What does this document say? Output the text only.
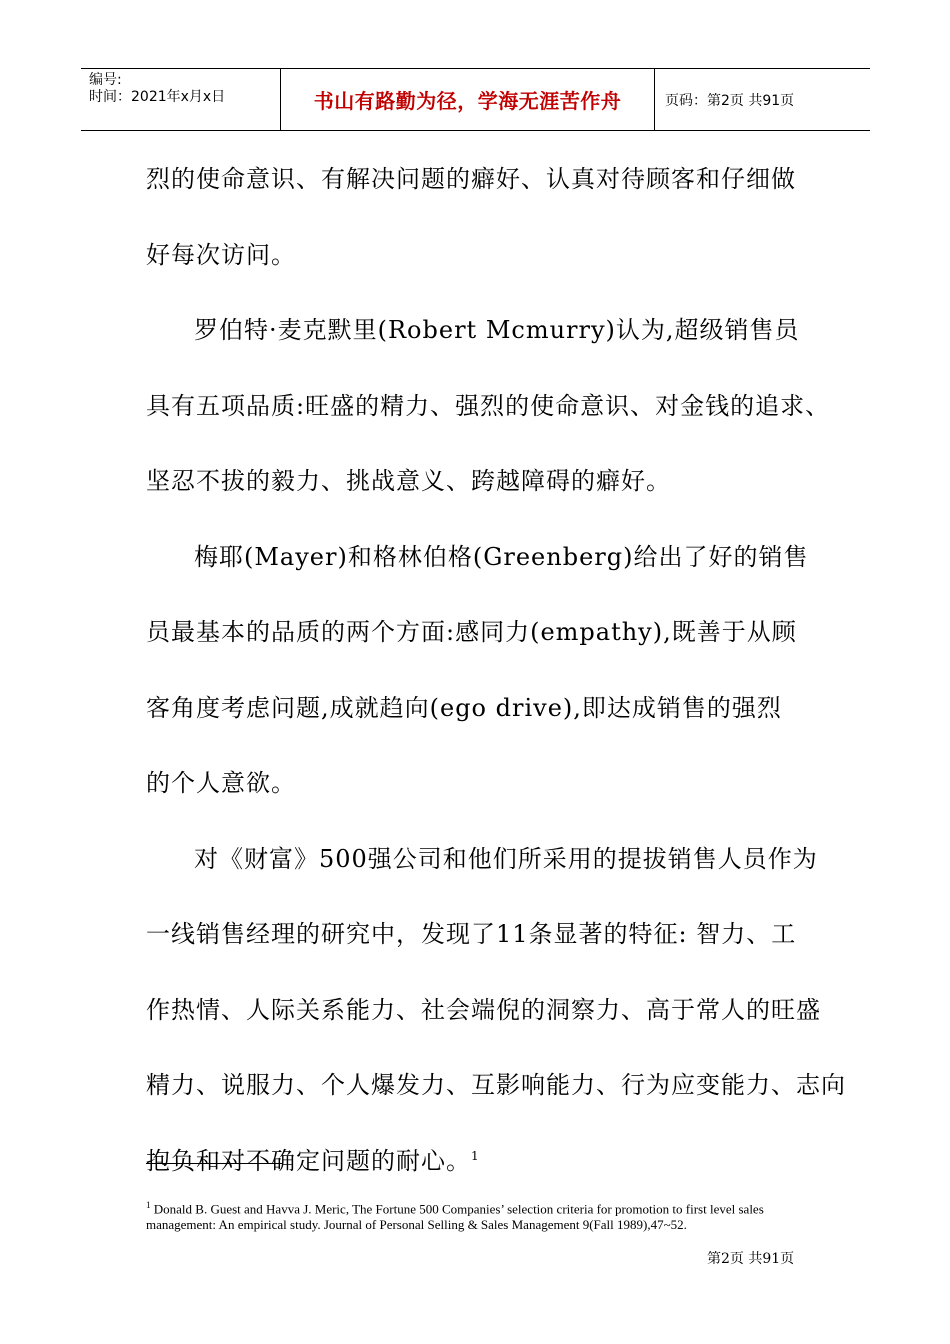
编号:
时间：2021年x月x日	书山有路勤为径，学海无涯苦作舟	页码：第2页 共91页
烈的使命意识、有解决问题的癖好、认真对待顾客和仔细做
好每次访问。
罗伯特·麦克默里(Robert Mcmurry)认为,超级销售员
具有五项品质:旺盛的精力、强烈的使命意识、对金钱的追求、
坚忍不拔的毅力、挑战意义、跨越障碍的癖好。
梅耶(Mayer)和格林伯格(Greenberg)给出了好的销售
员最基本的品质的两个方面:感同力(empathy),既善于从顾
客角度考虑问题,成就趋向(ego drive),即达成销售的强烈
的个人意欲。
对《财富》500强公司和他们所采用的提拔销售人员作为
一线销售经理的研究中，发现了11条显著的特征: 智力、工
作热情、人际关系能力、社会端倪的洞察力、高于常人的旺盛
精力、说服力、个人爆发力、互影响能力、行为应变能力、志向
抱负和对不确定问题的耐心。$^1$
$^1$ Donald B. Guest and Havva J. Meric, The Fortune 500 Companies’ selection criteria for promotion to first level sales management: An empirical study. Journal of Personal Selling & Sales Management 9(Fall 1989),47~52.
第2页 共91页
